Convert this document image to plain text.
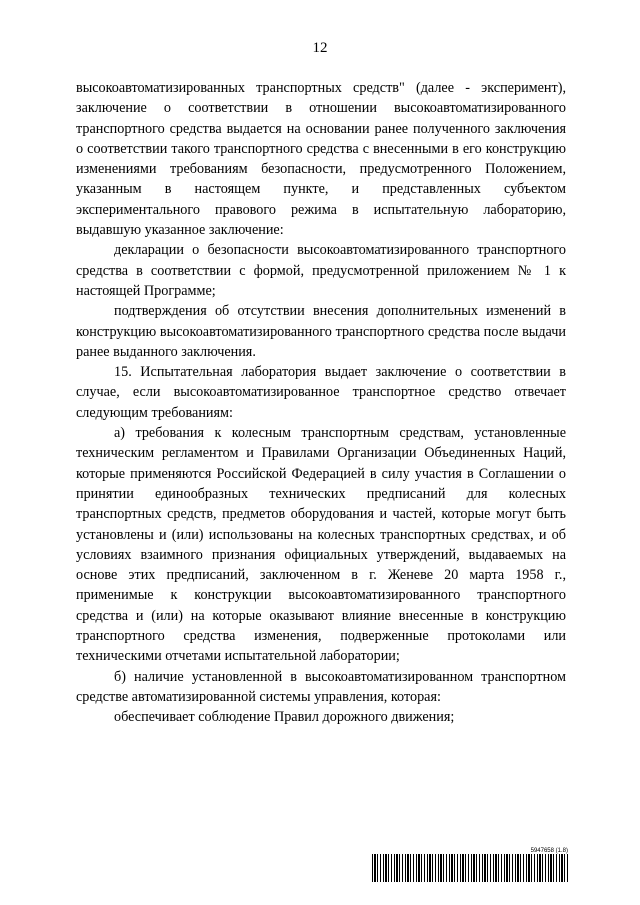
12

высокоавтоматизированных транспортных средств" (далее - эксперимент), заключение о соответствии в отношении высокоавтоматизированного транспортного средства выдается на основании ранее полученного заключения о соответствии такого транспортного средства с внесенными в его конструкцию изменениями требованиям безопасности, предусмотренного Положением, указанным в настоящем пункте, и представленных субъектом экспериментального правового режима в испытательную лабораторию, выдавшую указанное заключение:

декларации о безопасности высокоавтоматизированного транспортного средства в соответствии с формой, предусмотренной приложением № 1 к настоящей Программе;

подтверждения об отсутствии внесения дополнительных изменений в конструкцию высокоавтоматизированного транспортного средства после выдачи ранее выданного заключения.

15. Испытательная лаборатория выдает заключение о соответствии в случае, если высокоавтоматизированное транспортное средство отвечает следующим требованиям:

а) требования к колесным транспортным средствам, установленные техническим регламентом и Правилами Организации Объединенных Наций, которые применяются Российской Федерацией в силу участия в Соглашении о принятии единообразных технических предписаний для колесных транспортных средств, предметов оборудования и частей, которые могут быть установлены и (или) использованы на колесных транспортных средствах, и об условиях взаимного признания официальных утверждений, выдаваемых на основе этих предписаний, заключенном в г. Женеве 20 марта 1958 г., применимые к конструкции высокоавтоматизированного транспортного средства и (или) на которые оказывают влияние внесенные в конструкцию транспортного средства изменения, подверженные протоколами или техническими отчетами испытательной лаборатории;

б) наличие установленной в высокоавтоматизированном транспортном средстве автоматизированной системы управления, которая:

обеспечивает соблюдение Правил дорожного движения;

5947658 (1.8)
